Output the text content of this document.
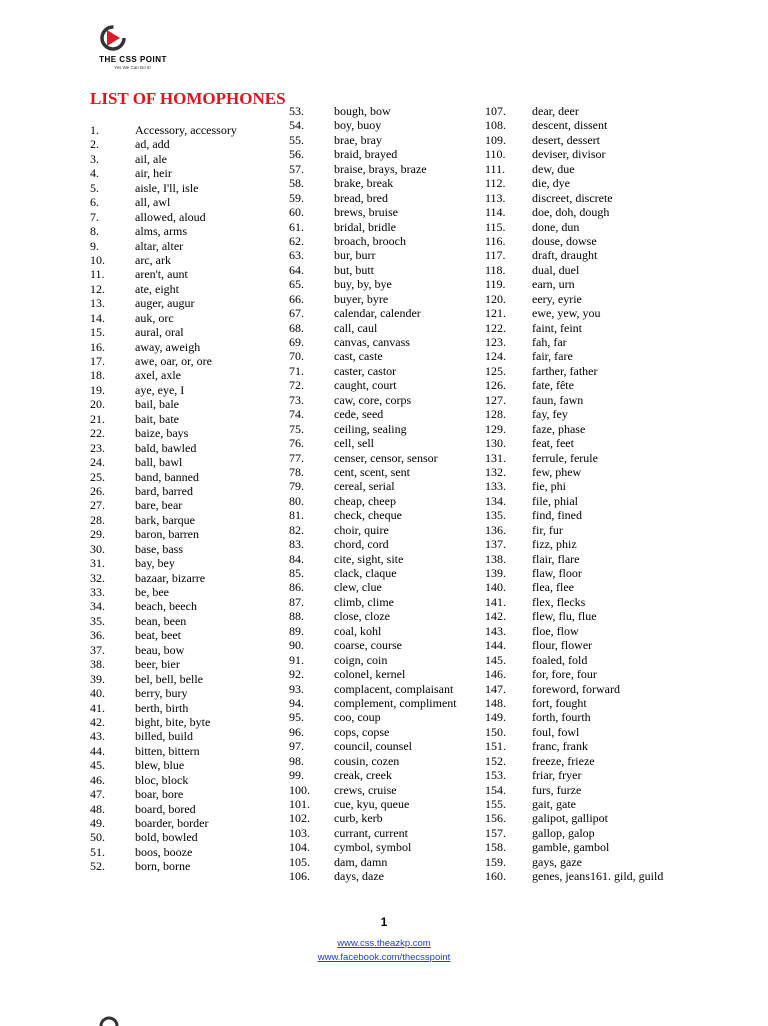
THE CSS POINT
Yes We Can Do It!
LIST OF HOMOPHONES
1.	Accessory, accessory
2.	ad, add
3.	ail, ale
4.	air, heir
5.	aisle, I'll, isle
6.	all, awl
7.	allowed, aloud
8.	alms, arms
9.	altar, alter
10.	arc, ark
11.	aren't, aunt
12.	ate, eight
13.	auger, augur
14.	auk, orc
15.	aural, oral
16.	away, aweigh
17.	awe, oar, or, ore
18.	axel, axle
19.	aye, eye, I
20.	bail, bale
21.	bait, bate
22.	baize, bays
23.	bald, bawled
24.	ball, bawl
25.	band, banned
26.	bard, barred
27.	bare, bear
28.	bark, barque
29.	baron, barren
30.	base, bass
31.	bay, bey
32.	bazaar, bizarre
33.	be, bee
34.	beach, beech
35.	bean, been
36.	beat, beet
37.	beau, bow
38.	beer, bier
39.	bel, bell, belle
40.	berry, bury
41.	berth, birth
42.	bight, bite, byte
43.	billed, build
44.	bitten, bittern
45.	blew, blue
46.	bloc, block
47.	boar, bore
48.	board, bored
49.	boarder, border
50.	bold, bowled
51.	boos, booze
52.	born, borne
53.	bough, bow
54.	boy, buoy
55.	brae, bray
56.	braid, brayed
57.	braise, brays, braze
58.	brake, break
59.	bread, bred
60.	brews, bruise
61.	bridal, bridle
62.	broach, brooch
63.	bur, burr
64.	but, butt
65.	buy, by, bye
66.	buyer, byre
67.	calendar, calender
68.	call, caul
69.	canvas, canvass
70.	cast, caste
71.	caster, castor
72.	caught, court
73.	caw, core, corps
74.	cede, seed
75.	ceiling, sealing
76.	cell, sell
77.	censer, censor, sensor
78.	cent, scent, sent
79.	cereal, serial
80.	cheap, cheep
81.	check, cheque
82.	choir, quire
83.	chord, cord
84.	cite, sight, site
85.	clack, claque
86.	clew, clue
87.	climb, clime
88.	close, cloze
89.	coal, kohl
90.	coarse, course
91.	coign, coin
92.	colonel, kernel
93.	complacent, complaisant
94.	complement, compliment
95.	coo, coup
96.	cops, copse
97.	council, counsel
98.	cousin, cozen
99.	creak, creek
100. crews, cruise
101. cue, kyu, queue
102. curb, kerb
103. currant, current
104. cymbol, symbol
105. dam, damn
106. days, daze
107. dear, deer
108. descent, dissent
109. desert, dessert
110. deviser, divisor
111. dew, due
112. die, dye
113. discreet, discrete
114. doe, doh, dough
115. done, dun
116. douse, dowse
117. draft, draught
118. dual, duel
119. earn, urn
120. eery, eyrie
121. ewe, yew, you
122. faint, feint
123. fah, far
124. fair, fare
125. farther, father
126. fate, fête
127. faun, fawn
128. fay, fey
129. faze, phase
130. feat, feet
131. ferrule, ferule
132. few, phew
133. fie, phi
134. file, phial
135. find, fined
136. fir, fur
137. fizz, phiz
138. flair, flare
139. flaw, floor
140. flea, flee
141. flex, flecks
142. flew, flu, flue
143. floe, flow
144. flour, flower
145. foaled, fold
146. for, fore, four
147. foreword, forward
148. fort, fought
149. forth, fourth
150. foul, fowl
151. franc, frank
152. freeze, frieze
153. friar, fryer
154. furs, furze
155. gait, gate
156. galipot, gallipot
157. gallop, galop
158. gamble, gambol
159. gays, gaze
160. genes, jeans161. gild, guild
1
www.css.theazkp.com
www.facebook.com/thecsspoint
